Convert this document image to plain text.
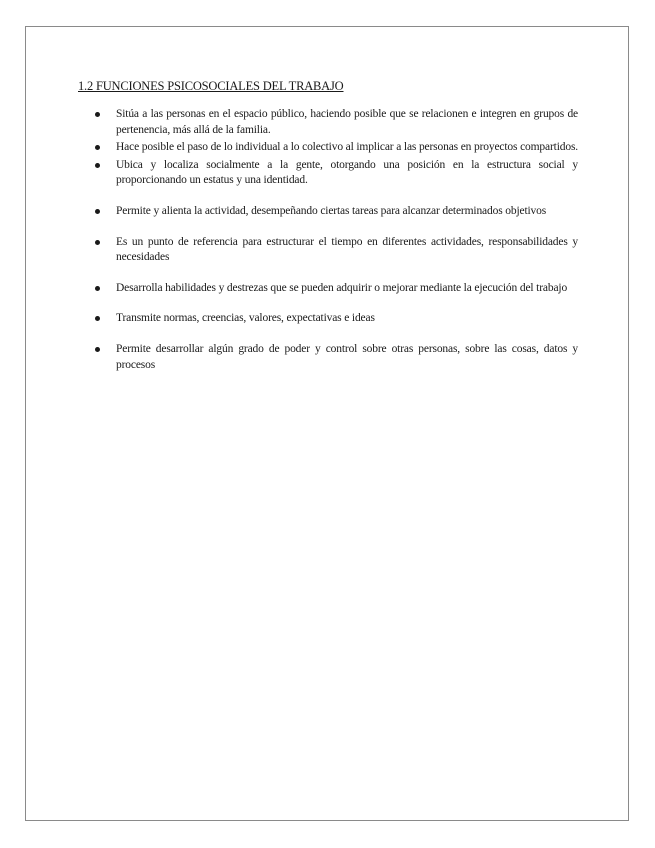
1.2 FUNCIONES PSICOSOCIALES DEL TRABAJO
Sitúa a las personas en el espacio público, haciendo posible que se relacionen e integren en grupos de pertenencia, más allá de la familia.
Hace posible el paso de lo individual a lo colectivo al implicar a las personas en proyectos compartidos.
Ubica y localiza socialmente a la gente, otorgando una posición en la estructura social y proporcionando un estatus y una identidad.
Permite y alienta la actividad, desempeñando ciertas tareas para alcanzar determinados objetivos
Es un punto de referencia para estructurar el tiempo en diferentes actividades, responsabilidades y necesidades
Desarrolla habilidades y destrezas que se pueden adquirir o mejorar mediante la ejecución del trabajo
Transmite normas, creencias, valores, expectativas e ideas
Permite desarrollar algún grado de poder y control sobre otras personas, sobre las cosas, datos y procesos
